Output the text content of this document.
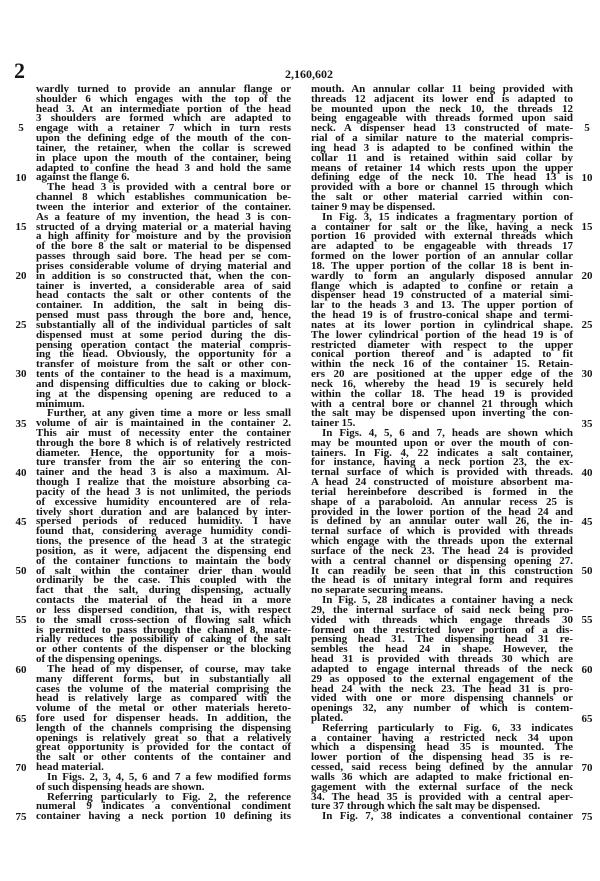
2	2,160,602
5
10
15
20
25
30
35
40
45
50
55
60
65
70
75
wardly turned to provide an annular flange or
shoulder 6 which engages with the top of the
head 3. At an intermediate portion of the head
3 shoulders are formed which are adapted to
engage with a retainer 7 which in turn rests
upon the defining edge of the mouth of the con-
tainer, the retainer, when the collar is screwed
in place upon the mouth of the container, being
adapted to confine the head 3 and hold the same
against the flange 6.
The head 3 is provided with a central bore or
channel 8 which establishes communication be-
tween the interior and exterior of the container.
As a feature of my invention, the head 3 is con-
structed of a drying material or a material having
a high affinity for moisture and by the provision
of the bore 8 the salt or material to be dispensed
passes through said bore. The head per se com-
prises considerable volume of drying material and
in addition is so constructed that, when the con-
tainer is inverted, a considerable area of said
head contacts the salt or other contents of the
container. In addition, the salt in being dis-
pensed must pass through the bore and, hence,
substantially all of the individual particles of salt
dispensed must at some period during the dis-
pensing operation contact the material compris-
ing the head. Obviously, the opportunity for a
transfer of moisture from the salt or other con-
tents of the container to the head is a maximum,
and dispensing difficulties due to caking or block-
ing at the dispensing opening are reduced to a
minimum.
Further, at any given time a more or less small
volume of air is maintained in the container 2.
This air must of necessity enter the container
through the bore 8 which is of relatively restricted
diameter. Hence, the opportunity for a mois-
ture transfer from the air so entering the con-
tainer and the head 3 is also a maximum. Al-
though I realize that the moisture absorbing ca-
pacity of the head 3 is not unlimited, the periods
of excessive humidity encountered are of rela-
tively short duration and are balanced by inter-
spersed periods of reduced humidity. I have
found that, considering average humidity condi-
tions, the presence of the head 3 at the strategic
position, as it were, adjacent the dispensing end
of the container functions to maintain the body
of salt within the container drier than would
ordinarily be the case. This coupled with the
fact that the salt, during dispensing, actually
contacts the material of the head in a more
or less dispersed condition, that is, with respect
to the small cross-section of flowing salt which
is permitted to pass through the channel 8, mate-
rially reduces the possibility of caking of the salt
or other contents of the dispenser or the blocking
of the dispensing openings.
The head of my dispenser, of course, may take
many different forms, but in substantially all
cases the volume of the material comprising the
head is relatively large as compared with the
volume of the metal or other materials hereto-
fore used for dispenser heads. In addition, the
length of the channels comprising the dispensing
openings is relatively great so that a relatively
great opportunity is provided for the contact of
the salt or other contents of the container and
head material.
In Figs. 2, 3, 4, 5, 6 and 7 a few modified forms
of such dispensing heads are shown.
Referring particularly to Fig. 2, the reference
numeral 9 indicates a conventional condiment
container having a neck portion 10 defining its
mouth. An annular collar 11 being provided with
threads 12 adjacent its lower end is adapted to
be mounted upon the neck 10, the threads 12
being engageable with threads formed upon said
neck. A dispenser head 13 constructed of mate-
rial of a similar nature to the material compris-
ing head 3 is adapted to be confined within the
collar 11 and is retained within said collar by
means of retainer 14 which rests upon the upper
defining edge of the neck 10. The head 13 is
provided with a bore or channel 15 through which
the salt or other material carried within con-
tainer 9 may be dispensed.
In Fig. 3, 15 indicates a fragmentary portion of
a container for salt or the like, having a neck
portion 16 provided with external threads which
are adapted to be engageable with threads 17
formed on the lower portion of an annular collar
18. The upper portion of the collar 18 is bent in-
wardly to form an angularly disposed annular
flange which is adapted to confine or retain a
dispenser head 19 constructed of a material simi-
lar to the heads 3 and 13. The upper portion of
the head 19 is of frustro-conical shape and termi-
nates at its lower portion in cylindrical shape.
The lower cylindrical portion of the head 19 is of
restricted diameter with respect to the upper
conical portion thereof and is adapted to fit
within the neck 16 of the container 15. Retain-
ers 20 are positioned at the upper edge of the
neck 16, whereby the head 19 is securely held
within the collar 18. The head 19 is provided
with a central bore or channel 21 through which
the salt may be dispensed upon inverting the con-
tainer 15.
In Figs. 4, 5, 6 and 7, heads are shown which
may be mounted upon or over the mouth of con-
tainers. In Fig. 4, 22 indicates a salt container,
for instance, having a neck portion 23, the ex-
ternal surface of which is provided with threads.
A head 24 constructed of moisture absorbent ma-
terial hereinbefore described is formed in the
shape of a paraboloid. An annular recess 25 is
provided in the lower portion of the head 24 and
is defined by an annular outer wall 26, the in-
ternal surface of which is provided with threads
which engage with the threads upon the external
surface of the neck 23. The head 24 is provided
with a central channel or dispensing opening 27.
It can readily be seen that in this construction
the head is of unitary integral form and requires
no separate securing means.
In Fig. 5, 28 indicates a container having a neck
29, the internal surface of said neck being pro-
vided with threads which engage threads 30
formed on the restricted lower portion of a dis-
pensing head 31. The dispensing head 31 re-
sembles the head 24 in shape. However, the
head 31 is provided with threads 30 which are
adapted to engage internal threads of the neck
29 as opposed to the external engagement of the
head 24 with the neck 23. The head 31 is pro-
vided with one or more dispensing channels or
openings 32, any number of which is contem-
plated.
Referring particularly to Fig. 6, 33 indicates
a container having a restricted neck 34 upon
which a dispensing head 35 is mounted. The
lower portion of the dispensing head 35 is re-
cessed, said recess being defined by the annular
walls 36 which are adapted to make frictional en-
gagement with the external surface of the neck
34. The head 35 is provided with a central aper-
ture 37 through which the salt may be dispensed.
In Fig. 7, 38 indicates a conventional container
5
10
15
20
25
30
35
40
45
50
55
60
65
70
75
